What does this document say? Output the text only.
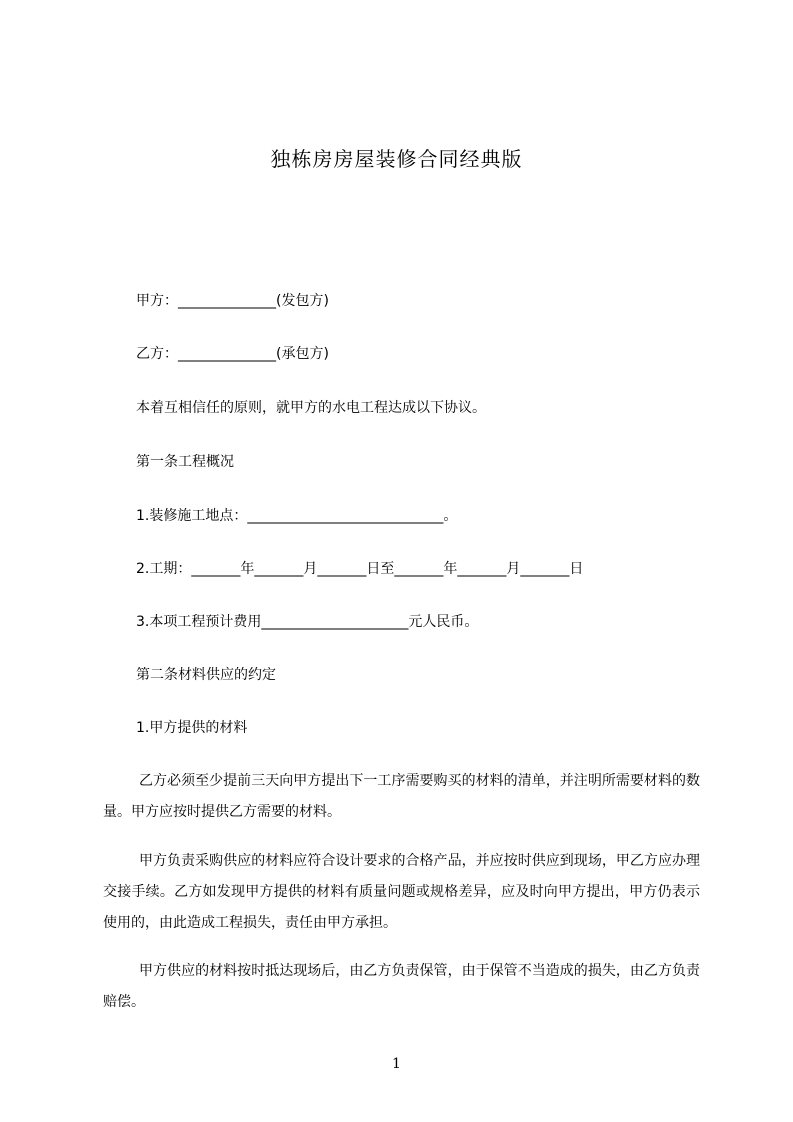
独栋房房屋装修合同经典版
甲方：______________(发包方)
乙方：______________(承包方)
本着互相信任的原则，就甲方的水电工程达成以下协议。
第一条工程概况
1.装修施工地点：____________________________。
2.工期：_______年_______月_______日至_______年_______月_______日
3.本项工程预计费用_____________________元人民币。
第二条材料供应的约定
1.甲方提供的材料
乙方必须至少提前三天向甲方提出下一工序需要购买的材料的清单，并注明所需要材料的数量。甲方应按时提供乙方需要的材料。
甲方负责采购供应的材料应符合设计要求的合格产品，并应按时供应到现场，甲乙方应办理交接手续。乙方如发现甲方提供的材料有质量问题或规格差异，应及时向甲方提出，甲方仍表示使用的，由此造成工程损失，责任由甲方承担。
甲方供应的材料按时抵达现场后，由乙方负责保管，由于保管不当造成的损失，由乙方负责赔偿。
1
